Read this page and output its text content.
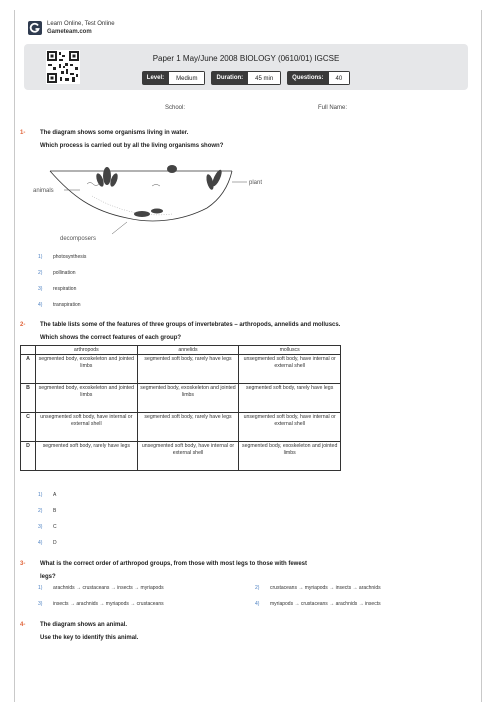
Learn Online, Test Online
Gameteam.com
Paper 1 May/June 2008 BIOLOGY (0610/01) IGCSE
Level:	Medium	Duration:	45 min	Questions:	40
School:	Full Name:
1- The diagram shows some organisms living in water.
Which process is carried out by all the living organisms shown?
animals
plant
decomposers
1) photosynthesis
2) pollination
3) respiration
4) transpiration
2- The table lists some of the features of three groups of invertebrates – arthropods, annelids and molluscs.
Which shows the correct features of each group?
	arthropods	annelids	molluscs
A	segmented body, exoskeleton and jointed limbs	segmented soft body, rarely have legs	unsegmented soft body, have internal or external shell
B	segmented body, exoskeleton and jointed limbs	segmented body, exoskeleton and jointed limbs	segmented soft body, rarely have legs
C	unsegmented soft body, have internal or external shell	segmented soft body, rarely have legs	unsegmented soft body, have internal or external shell
D	segmented soft body, rarely have legs	unsegmented soft body, have internal or external shell	segmented body, exoskeleton and jointed limbs
1) A
2) B
3) C
4) D
3- What is the correct order of arthropod groups, from those with most legs to those with fewest
legs?
1) arachnids → crustaceans → insects → myriapods	2) crustaceans → myriapods → insects → arachnids
3) insects → arachnids → myriapods → crustaceans	4) myriapods → crustaceans → arachnids → insects
4- The diagram shows an animal.
Use the key to identify this animal.
